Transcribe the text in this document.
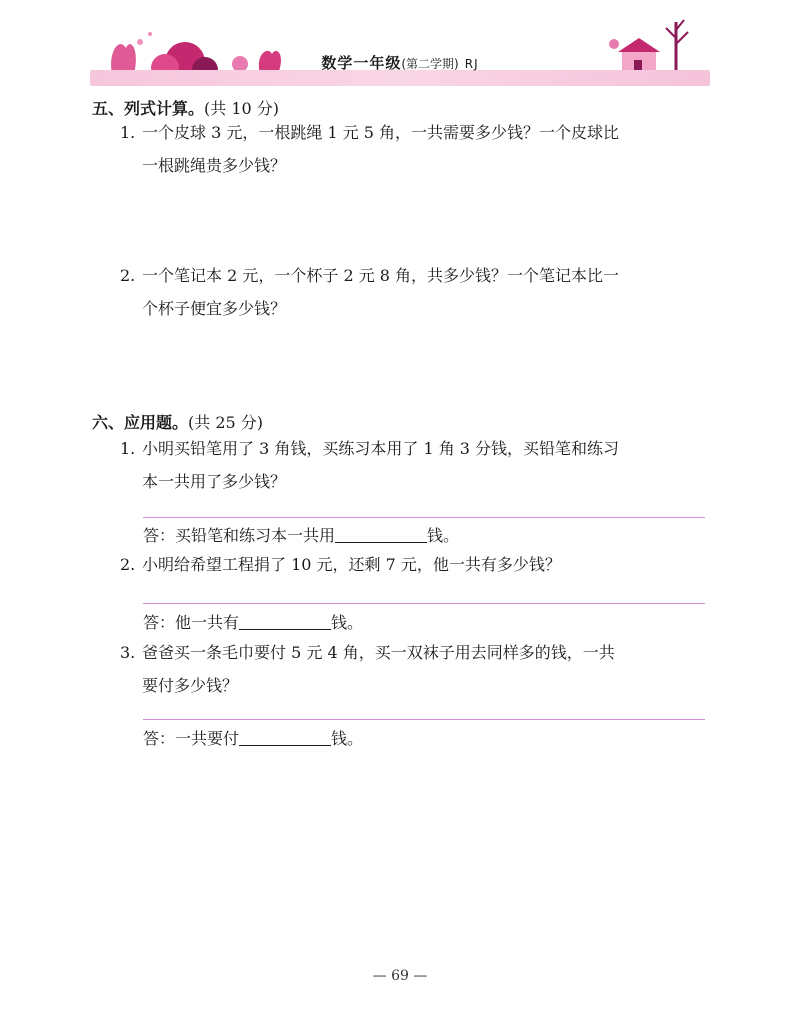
数学一年级(第二学期) RJ
五、列式计算。(共 10 分)
1. 一个皮球 3 元，一根跳绳 1 元 5 角，一共需要多少钱？一个皮球比
一根跳绳贵多少钱？
2. 一个笔记本 2 元，一个杯子 2 元 8 角，共多少钱？一个笔记本比一
个杯子便宜多少钱？
六、应用题。(共 25 分)
1. 小明买铅笔用了 3 角钱，买练习本用了 1 角 3 分钱，买铅笔和练习
本一共用了多少钱？
答：买铅笔和练习本一共用	钱。
2. 小明给希望工程捐了 10 元，还剩 7 元，他一共有多少钱？
答：他一共有	钱。
3. 爸爸买一条毛巾要付 5 元 4 角，买一双袜子用去同样多的钱，一共
要付多少钱？
答：一共要付	钱。
— 69 —
